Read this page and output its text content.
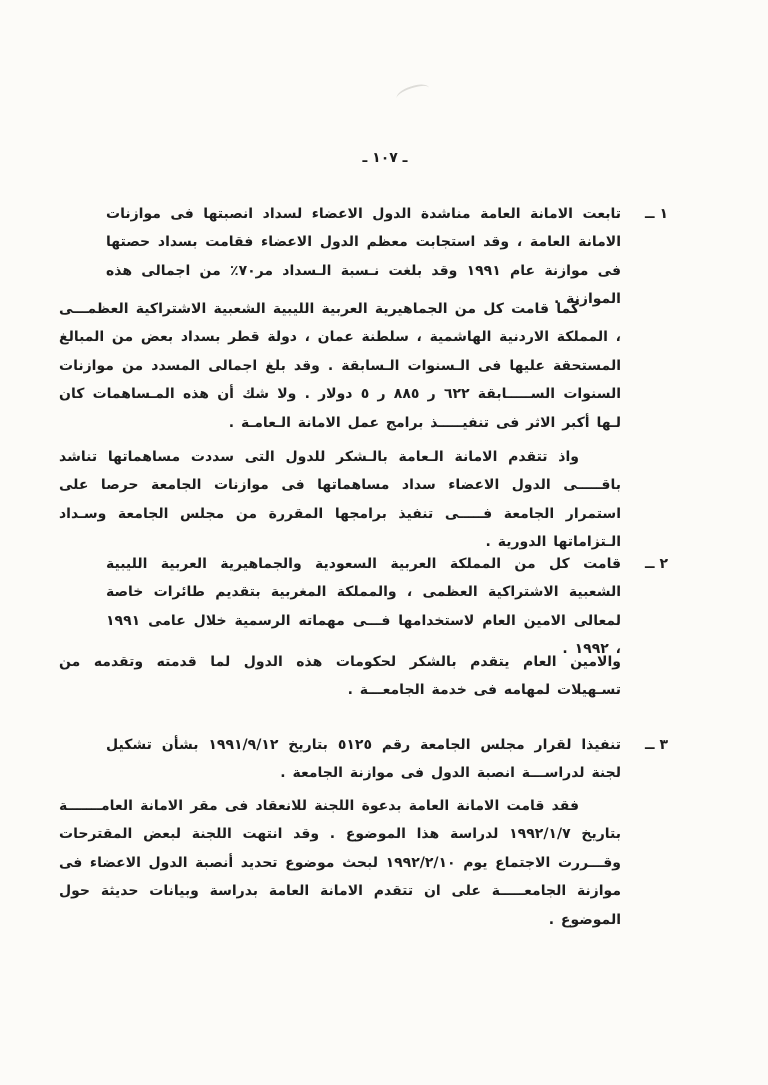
ـ ١٠٧ ـ
١ ــ
تابعت الامانة العامة مناشدة الدول الاعضاء لسداد انصبتها فى موازنات الامانة العامة ، وقد استجابت معظم الدول الاعضاء فقامت بسداد حصتها فى موازنة عام ١٩٩١ وقد بلغت نـسبة الـسداد مر٧٠٪ من اجمالى هذه الموازنة .
كما قامت كل من الجماهيرية العربية الليبية الشعبية الاشتراكية العظمـــى ، المملكة الاردنية الهاشمية ، سلطنة عمان ، دولة قطر بسداد بعض من المبالغ المستحقة عليها فى الـسنوات الـسابقة . وقد بلغ اجمالى المسدد من موازنات السنوات الســـــابقة ٦٢٢ ر ٨٨٥ ر ٥ دولار . ولا شك أن هذه المـساهمات كان لـها أكبر الاثر فى تنفيـــــذ برامج عمل الامانة الـعامـة .
واذ تتقدم الامانة الـعامة بالـشكر للدول التى سددت مساهماتها تناشد باقـــــى الدول الاعضاء سداد مساهماتها فى موازنات الجامعة حرصا على استمرار الجامعة فـــــى تنفيذ برامجها المقررة من مجلس الجامعة وسـداد الـتزاماتها الدورية .
٢ ــ
قامت كل من المملكة العربية السعودية والجماهيرية العربية الليبية الشعبية الاشتراكية العظمى ، والمملكة المغربية بتقديم طائرات خاصة لمعالى الامين العام لاستخدامها فـــى مهماته الرسمية خلال عامى ١٩٩١ ، ١٩٩٢ .
والامين العام يتقدم بالشكر لحكومات هذه الدول لما قدمته وتقدمه من تسـهيلات لمهامه فى خدمة الجامعـــة .
٣ ــ
تنفيذا لقرار مجلس الجامعة رقم ٥١٢٥ بتاريخ ١٩٩١/٩/١٢ بشأن تشكيل لجنة لدراســـة انصبة الدول فى موازنة الجامعة .
فقد قامت الامانة العامة بدعوة اللجنة للانعقاد فى مقر الامانة العامـــــــة بتاريخ ١٩٩٢/١/٧ لدراسة هذا الموضوع . وقد انتهت اللجنة لبعض المقترحات وقـــررت الاجتماع يوم ١٩٩٢/٢/١٠ لبحث موضوع تحديد أنصبة الدول الاعضاء فى موازنة الجامعـــــة على ان تتقدم الامانة العامة بدراسة وبيانات حديثة حول الموضوع .
